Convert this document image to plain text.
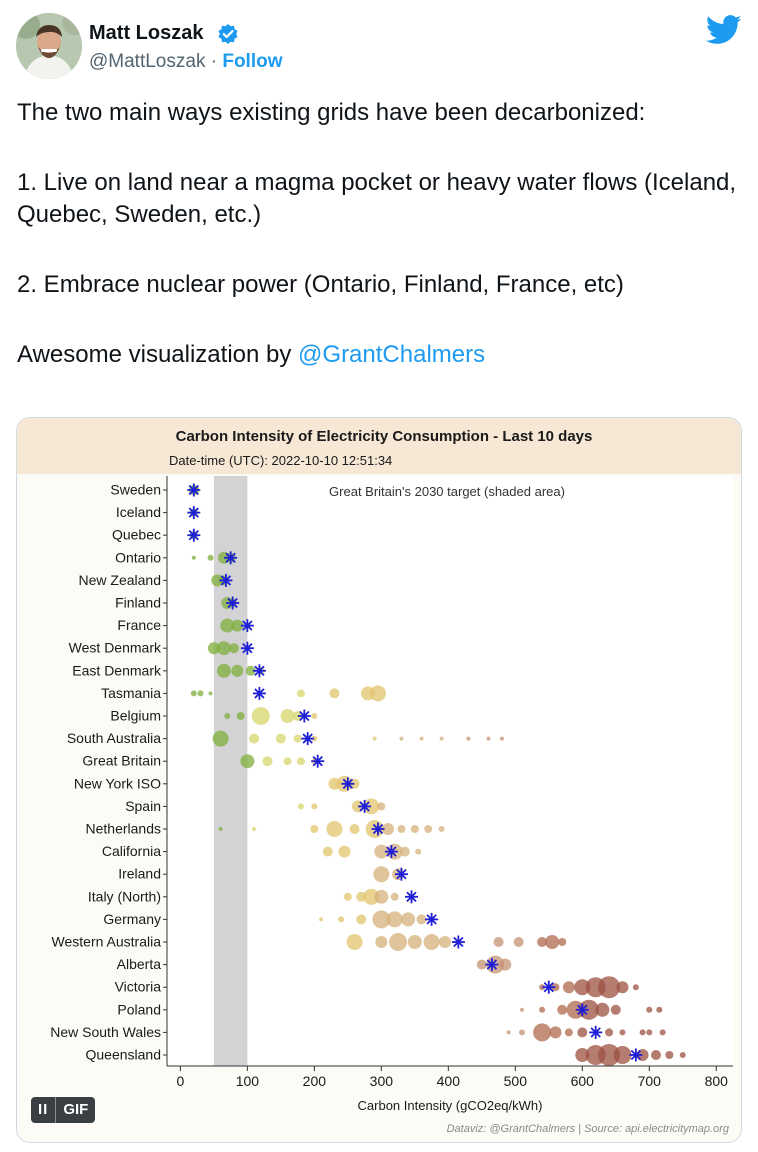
Matt Loszak
@MattLoszak · Follow

The two main ways existing grids have been decarbonized:

1. Live on land near a magma pocket or heavy water flows (Iceland, Quebec, Sweden, etc.)

2. Embrace nuclear power (Ontario, Finland, France, etc)

Awesome visualization by @GrantChalmers

Carbon Intensity of Electricity Consumption - Last 10 days
Date-time (UTC): 2022-10-10 12:51:34
Great Britain's 2030 target (shaded area)
Sweden
Iceland
Quebec
Ontario
New Zealand
Finland
France
West Denmark
East Denmark
Tasmania
Belgium
South Australia
Great Britain
New York ISO
Spain
Netherlands
California
Ireland
Italy (North)
Germany
Western Australia
Alberta
Victoria
Poland
New South Wales
Queensland
0	100	200	300	400	500	600	700	800
Carbon Intensity (gCO2eq/kWh)
Dataviz: @GrantChalmers | Source: api.electricitymap.org
II	GIF
